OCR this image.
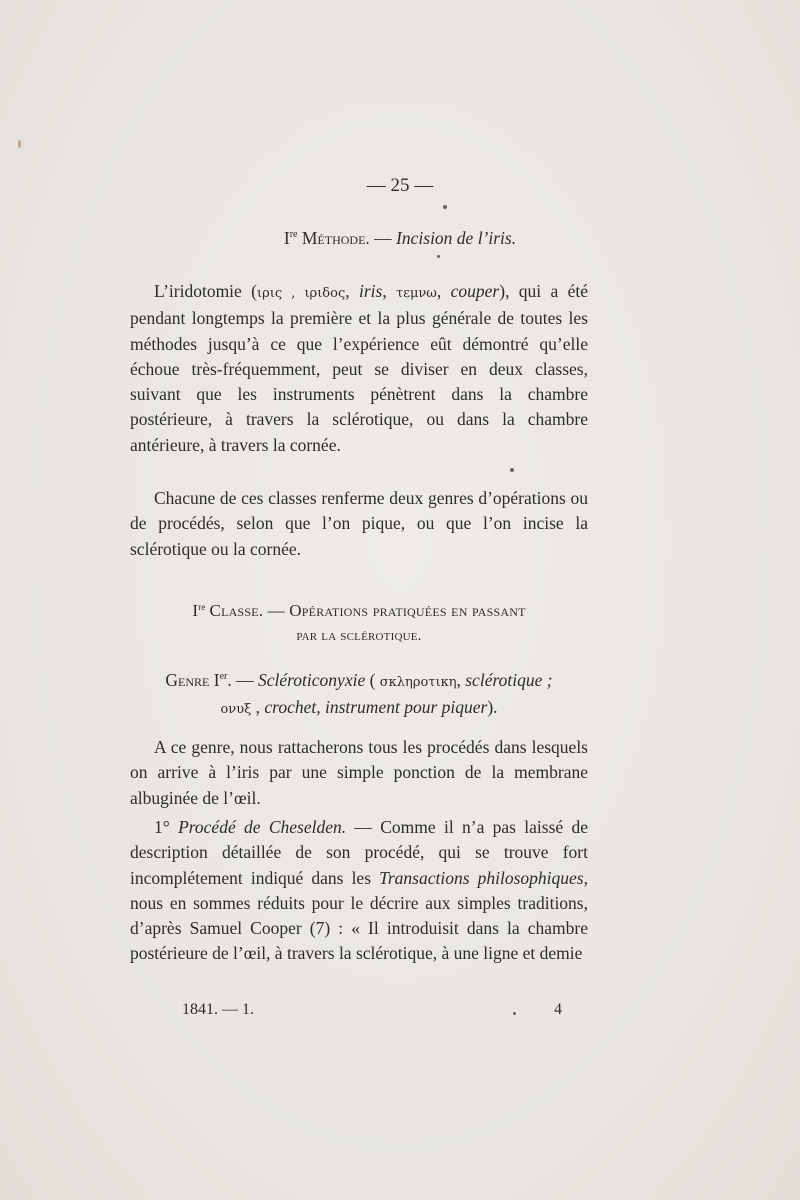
— 25 —
Ire Méthode. — Incision de l’iris.
L’iridotomie (ιρις , ιριδος, iris, τεμνω, couper), qui a été pendant longtemps la première et la plus générale de toutes les méthodes jusqu’à ce que l’expérience eût démontré qu’elle échoue très-fréquemment, peut se diviser en deux classes, suivant que les instruments pénètrent dans la chambre postérieure, à travers la sclérotique, ou dans la chambre antérieure, à travers la cornée.
Chacune de ces classes renferme deux genres d’opérations ou de procédés, selon que l’on pique, ou que l’on incise la sclérotique ou la cornée.
Ire Classe. — Opérations pratiquées en passant
par la sclérotique.
Genre Ier. — Scléroticonyxie ( σκληροτικη, sclérotique ;
ονυξ , crochet, instrument pour piquer).
A ce genre, nous rattacherons tous les procédés dans lesquels on arrive à l’iris par une simple ponction de la membrane albuginée de l’œil.
1° Procédé de Cheselden. — Comme il n’a pas laissé de description détaillée de son procédé, qui se trouve fort incomplétement indiqué dans les Transactions philosophiques, nous en sommes réduits pour le décrire aux simples traditions, d’après Samuel Cooper (7) : « Il introduisit dans la chambre postérieure de l’œil, à travers la sclérotique, à une ligne et demie
1841. — 1.	4
